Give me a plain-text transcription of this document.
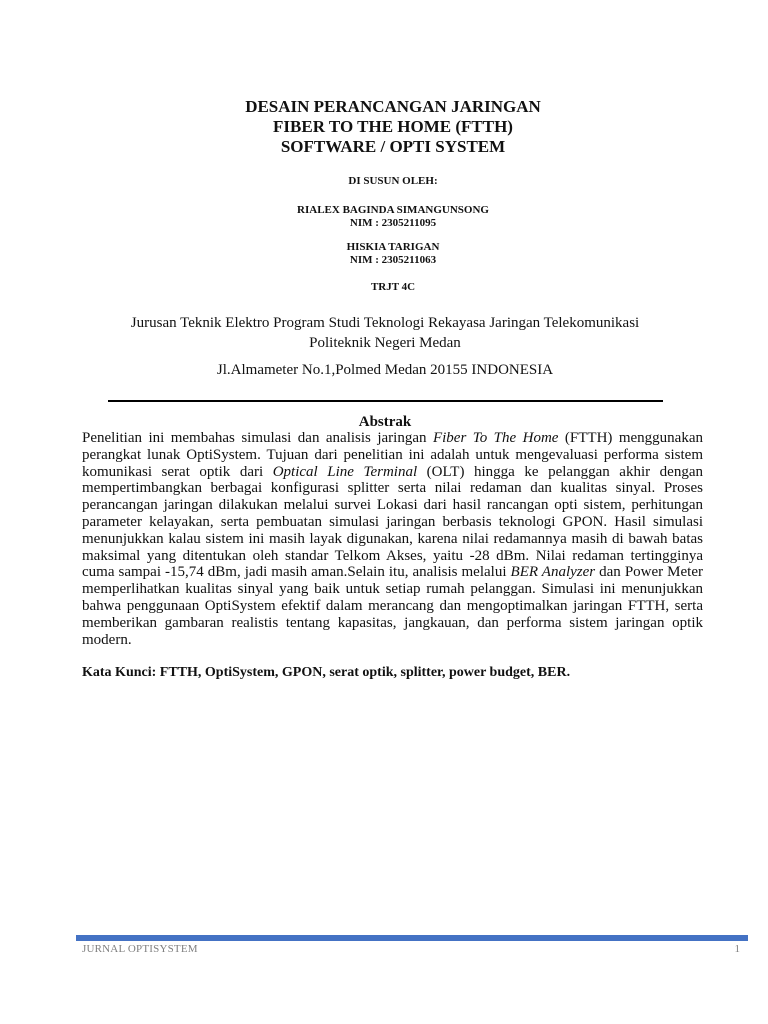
DESAIN PERANCANGAN JARINGAN
FIBER TO THE HOME (FTTH)
SOFTWARE / OPTI SYSTEM
DI SUSUN OLEH:
RIALEX BAGINDA SIMANGUNSONG
NIM : 2305211095
HISKIA TARIGAN
NIM : 2305211063
TRJT 4C
Jurusan Teknik Elektro Program Studi Teknologi Rekayasa Jaringan Telekomunikasi
Politeknik Negeri Medan
Jl.Almameter No.1,Polmed Medan 20155 INDONESIA
Abstrak
Penelitian ini membahas simulasi dan analisis jaringan Fiber To The Home (FTTH) menggunakan perangkat lunak OptiSystem. Tujuan dari penelitian ini adalah untuk mengevaluasi performa sistem komunikasi serat optik dari Optical Line Terminal (OLT) hingga ke pelanggan akhir dengan mempertimbangkan berbagai konfigurasi splitter serta nilai redaman dan kualitas sinyal. Proses perancangan jaringan dilakukan melalui survei Lokasi dari hasil rancangan opti sistem, perhitungan parameter kelayakan, serta pembuatan simulasi jaringan berbasis teknologi GPON. Hasil simulasi menunjukkan kalau sistem ini masih layak digunakan, karena nilai redamannya masih di bawah batas maksimal yang ditentukan oleh standar Telkom Akses, yaitu -28 dBm. Nilai redaman tertingginya cuma sampai -15,74 dBm, jadi masih aman.Selain itu, analisis melalui BER Analyzer dan Power Meter memperlihatkan kualitas sinyal yang baik untuk setiap rumah pelanggan. Simulasi ini menunjukkan bahwa penggunaan OptiSystem efektif dalam merancang dan mengoptimalkan jaringan FTTH, serta memberikan gambaran realistis tentang kapasitas, jangkauan, dan performa sistem jaringan optik modern.
Kata Kunci: FTTH, OptiSystem, GPON, serat optik, splitter, power budget, BER.
JURNAL OPTISYSTEM	1
